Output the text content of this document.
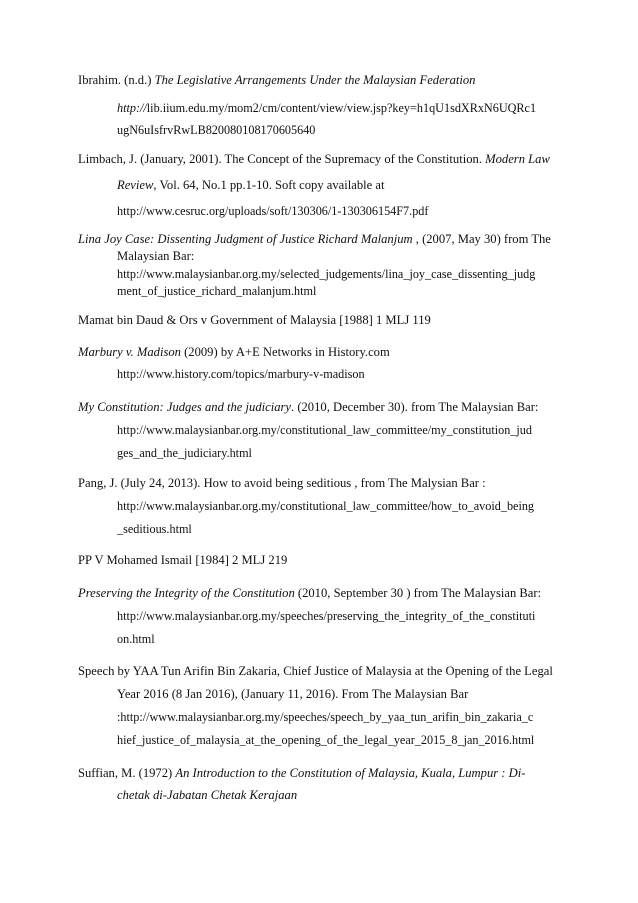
Ibrahim. (n.d.) The Legislative Arrangements Under the Malaysian Federation
http://lib.iium.edu.my/mom2/cm/content/view/view.jsp?key=h1qU1sdXRxN6UQRc1
ugN6uIsfrvRwLB820080108170605640
Limbach, J. (January, 2001). The Concept of the Supremacy of the Constitution. Modern Law
Review, Vol. 64, No.1 pp.1-10. Soft copy available at
http://www.cesruc.org/uploads/soft/130306/1-130306154F7.pdf
Lina Joy Case: Dissenting Judgment of Justice Richard Malanjum , (2007, May 30) from The
Malaysian Bar:
http://www.malaysianbar.org.my/selected_judgements/lina_joy_case_dissenting_judg
ment_of_justice_richard_malanjum.html
Mamat bin Daud & Ors v Government of Malaysia [1988] 1 MLJ 119
Marbury v. Madison (2009) by A+E Networks in History.com
http://www.history.com/topics/marbury-v-madison
My Constitution: Judges and the judiciary. (2010, December 30). from The Malaysian Bar:
http://www.malaysianbar.org.my/constitutional_law_committee/my_constitution_jud
ges_and_the_judiciary.html
Pang, J. (July 24, 2013). How to avoid being seditious , from The Malysian Bar :
http://www.malaysianbar.org.my/constitutional_law_committee/how_to_avoid_being
_seditious.html
PP V Mohamed Ismail [1984] 2 MLJ 219
Preserving the Integrity of the Constitution (2010, September 30 ) from The Malaysian Bar:
http://www.malaysianbar.org.my/speeches/preserving_the_integrity_of_the_constituti
on.html
Speech by YAA Tun Arifin Bin Zakaria, Chief Justice of Malaysia at the Opening of the Legal
Year 2016 (8 Jan 2016), (January 11, 2016). From The Malaysian Bar
:http://www.malaysianbar.org.my/speeches/speech_by_yaa_tun_arifin_bin_zakaria_c
hief_justice_of_malaysia_at_the_opening_of_the_legal_year_2015_8_jan_2016.html
Suffian, M. (1972) An Introduction to the Constitution of Malaysia, Kuala, Lumpur : Di-
chetak di-Jabatan Chetak Kerajaan
